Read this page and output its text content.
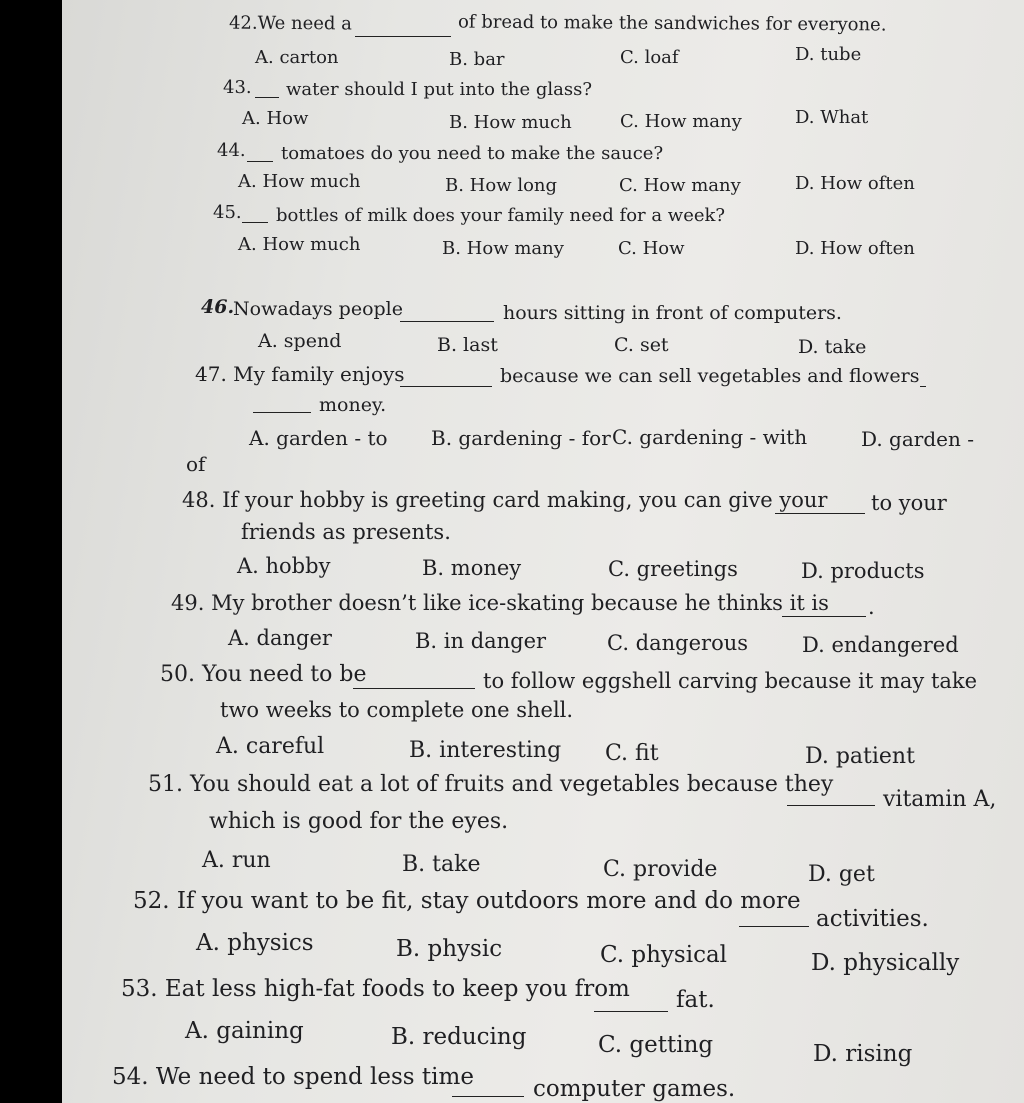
42.We need a	of bread to make the sandwiches for everyone.
A. carton	B. bar	C. loaf	D. tube
43. water should I put into the glass?
A. How	B. How much	C. How many	D. What
44. tomatoes do you need to make the sauce?
A. How much	B. How long	C. How many	D. How often
45. bottles of milk does your family need for a week?
A. How much	B. How many	C. How	D. How often
46.
Nowadays people	hours sitting in front of computers.
A. spend	B. last	C. set	D. take
47. My family enjoys	because we can sell vegetables and flowers
money.
A. garden - to B. gardening - for C. gardening - with	D. garden -
of
48. If your hobby is greeting card making, you can give your to your
friends as presents.
A. hobby	B. money	C. greetings	D. products
49. My brother doesn’t like ice-skating because he thinks it is .
A. danger	B. in danger	C. dangerous	D. endangered
50. You need to be	to follow eggshell carving because it may take
two weeks to complete one shell.
A. careful	B. interesting C. fit	D. patient
51. You should eat a lot of fruits and vegetables because they
vitamin A,
which is good for the eyes.
A. run	B. take	C. provide	D. get
52. If you want to be fit, stay outdoors more and do more
activities.
A. physics	B. physic	C. physical	D. physically
53. Eat less high-fat foods to keep you from fat.
A. gaining	B. reducing	C. getting	D. rising
54. We need to spend less time	computer games.
